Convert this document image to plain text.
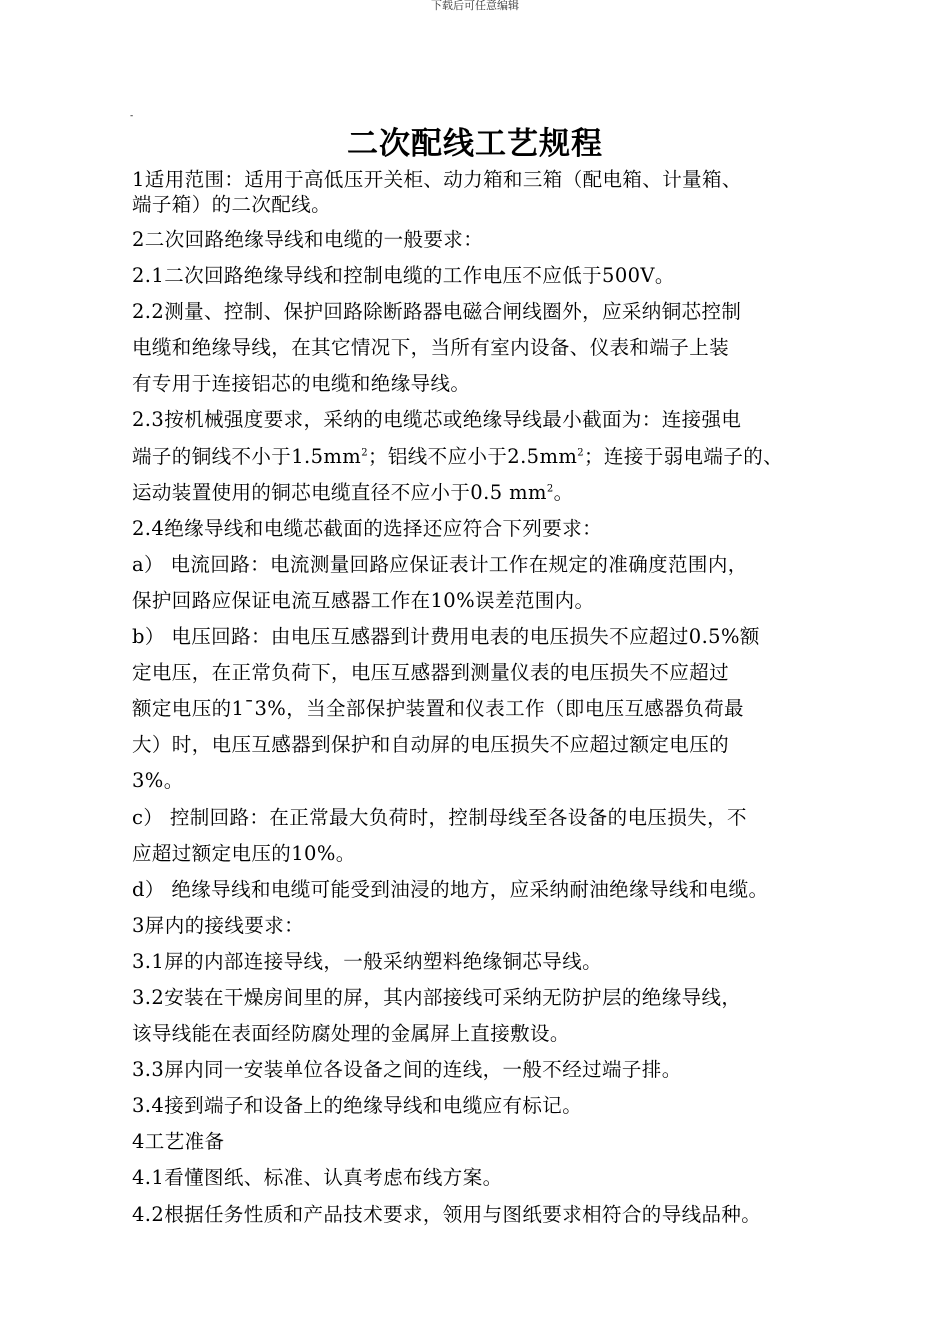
下载后可任意编辑
-
二次配线工艺规程
1适用范围：适用于高低压开关柜、动力箱和三箱（配电箱、计量箱、
端子箱）的二次配线。
2二次回路绝缘导线和电缆的一般要求：
2.1二次回路绝缘导线和控制电缆的工作电压不应低于500V。
2.2测量、控制、保护回路除断路器电磁合闸线圈外，应采纳铜芯控制
电缆和绝缘导线，在其它情况下，当所有室内设备、仪表和端子上装
有专用于连接铝芯的电缆和绝缘导线。
2.3按机械强度要求，采纳的电缆芯或绝缘导线最小截面为：连接强电
端子的铜线不小于$1.5mm^2$；铝线不应小于$2.5mm^2$；连接于弱电端子的、
运动装置使用的铜芯电缆直径不应小于0.5 $mm^2$。
2.4绝缘导线和电缆芯截面的选择还应符合下列要求：
a） 电流回路：电流测量回路应保证表计工作在规定的准确度范围内，
保护回路应保证电流互感器工作在10%误差范围内。
b） 电压回路：由电压互感器到计费用电表的电压损失不应超过0.5%额
定电压，在正常负荷下，电压互感器到测量仪表的电压损失不应超过
额定电压的1¯3%，当全部保护装置和仪表工作（即电压互感器负荷最
大）时，电压互感器到保护和自动屏的电压损失不应超过额定电压的
3%。
c） 控制回路：在正常最大负荷时，控制母线至各设备的电压损失，不
应超过额定电压的10%。
d） 绝缘导线和电缆可能受到油浸的地方，应采纳耐油绝缘导线和电缆。
3屏内的接线要求：
3.1屏的内部连接导线，一般采纳塑料绝缘铜芯导线。
3.2安装在干燥房间里的屏，其内部接线可采纳无防护层的绝缘导线，
该导线能在表面经防腐处理的金属屏上直接敷设。
3.3屏内同一安装单位各设备之间的连线，一般不经过端子排。
3.4接到端子和设备上的绝缘导线和电缆应有标记。
4工艺准备
4.1看懂图纸、标准、认真考虑布线方案。
4.2根据任务性质和产品技术要求，领用与图纸要求相符合的导线品种。
